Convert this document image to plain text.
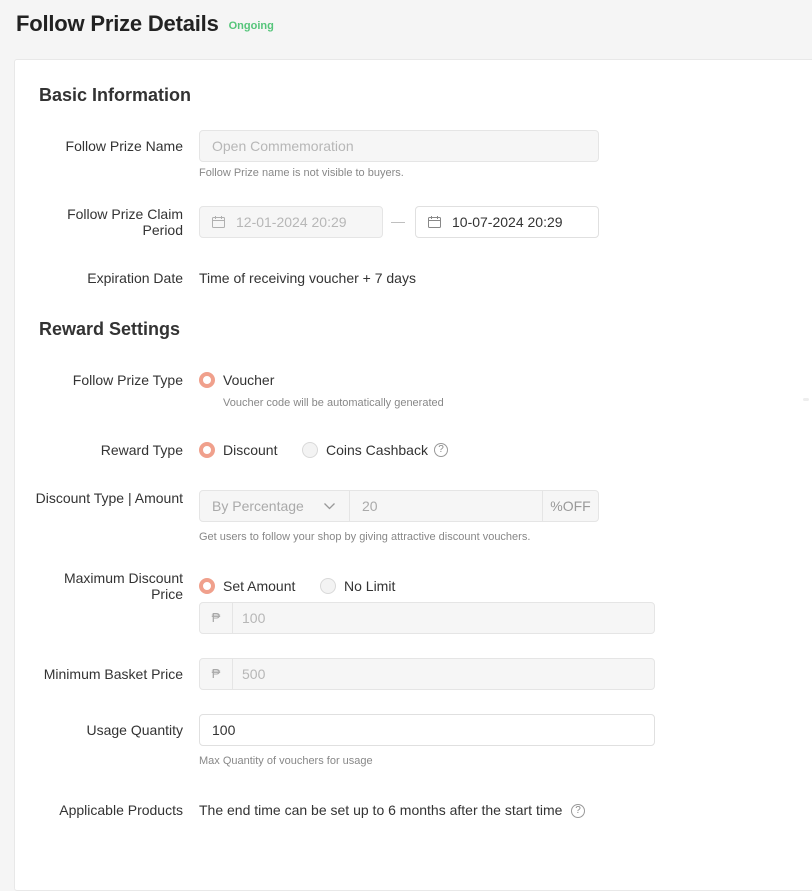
Follow Prize Details Ongoing
Basic Information
Follow Prize Name Open Commemoration
Follow Prize name is not visible to buyers.
Follow Prize Claim Period	12-01-2024 20:29	—	10-07-2024 20:29
Expiration Date Time of receiving voucher + 7 days
Reward Settings
Follow Prize Type	Voucher
Voucher code will be automatically generated
Reward Type	Discount	Coins Cashback	?
Discount Type | Amount By Percentage	20	%OFF
Get users to follow your shop by giving attractive discount vouchers.
Maximum Discount Price	Set Amount	No Limit
₱	100
Minimum Basket Price	₱	500
Usage Quantity 100
Max Quantity of vouchers for usage
Applicable Products The end time can be set up to 6 months after the start time	?
